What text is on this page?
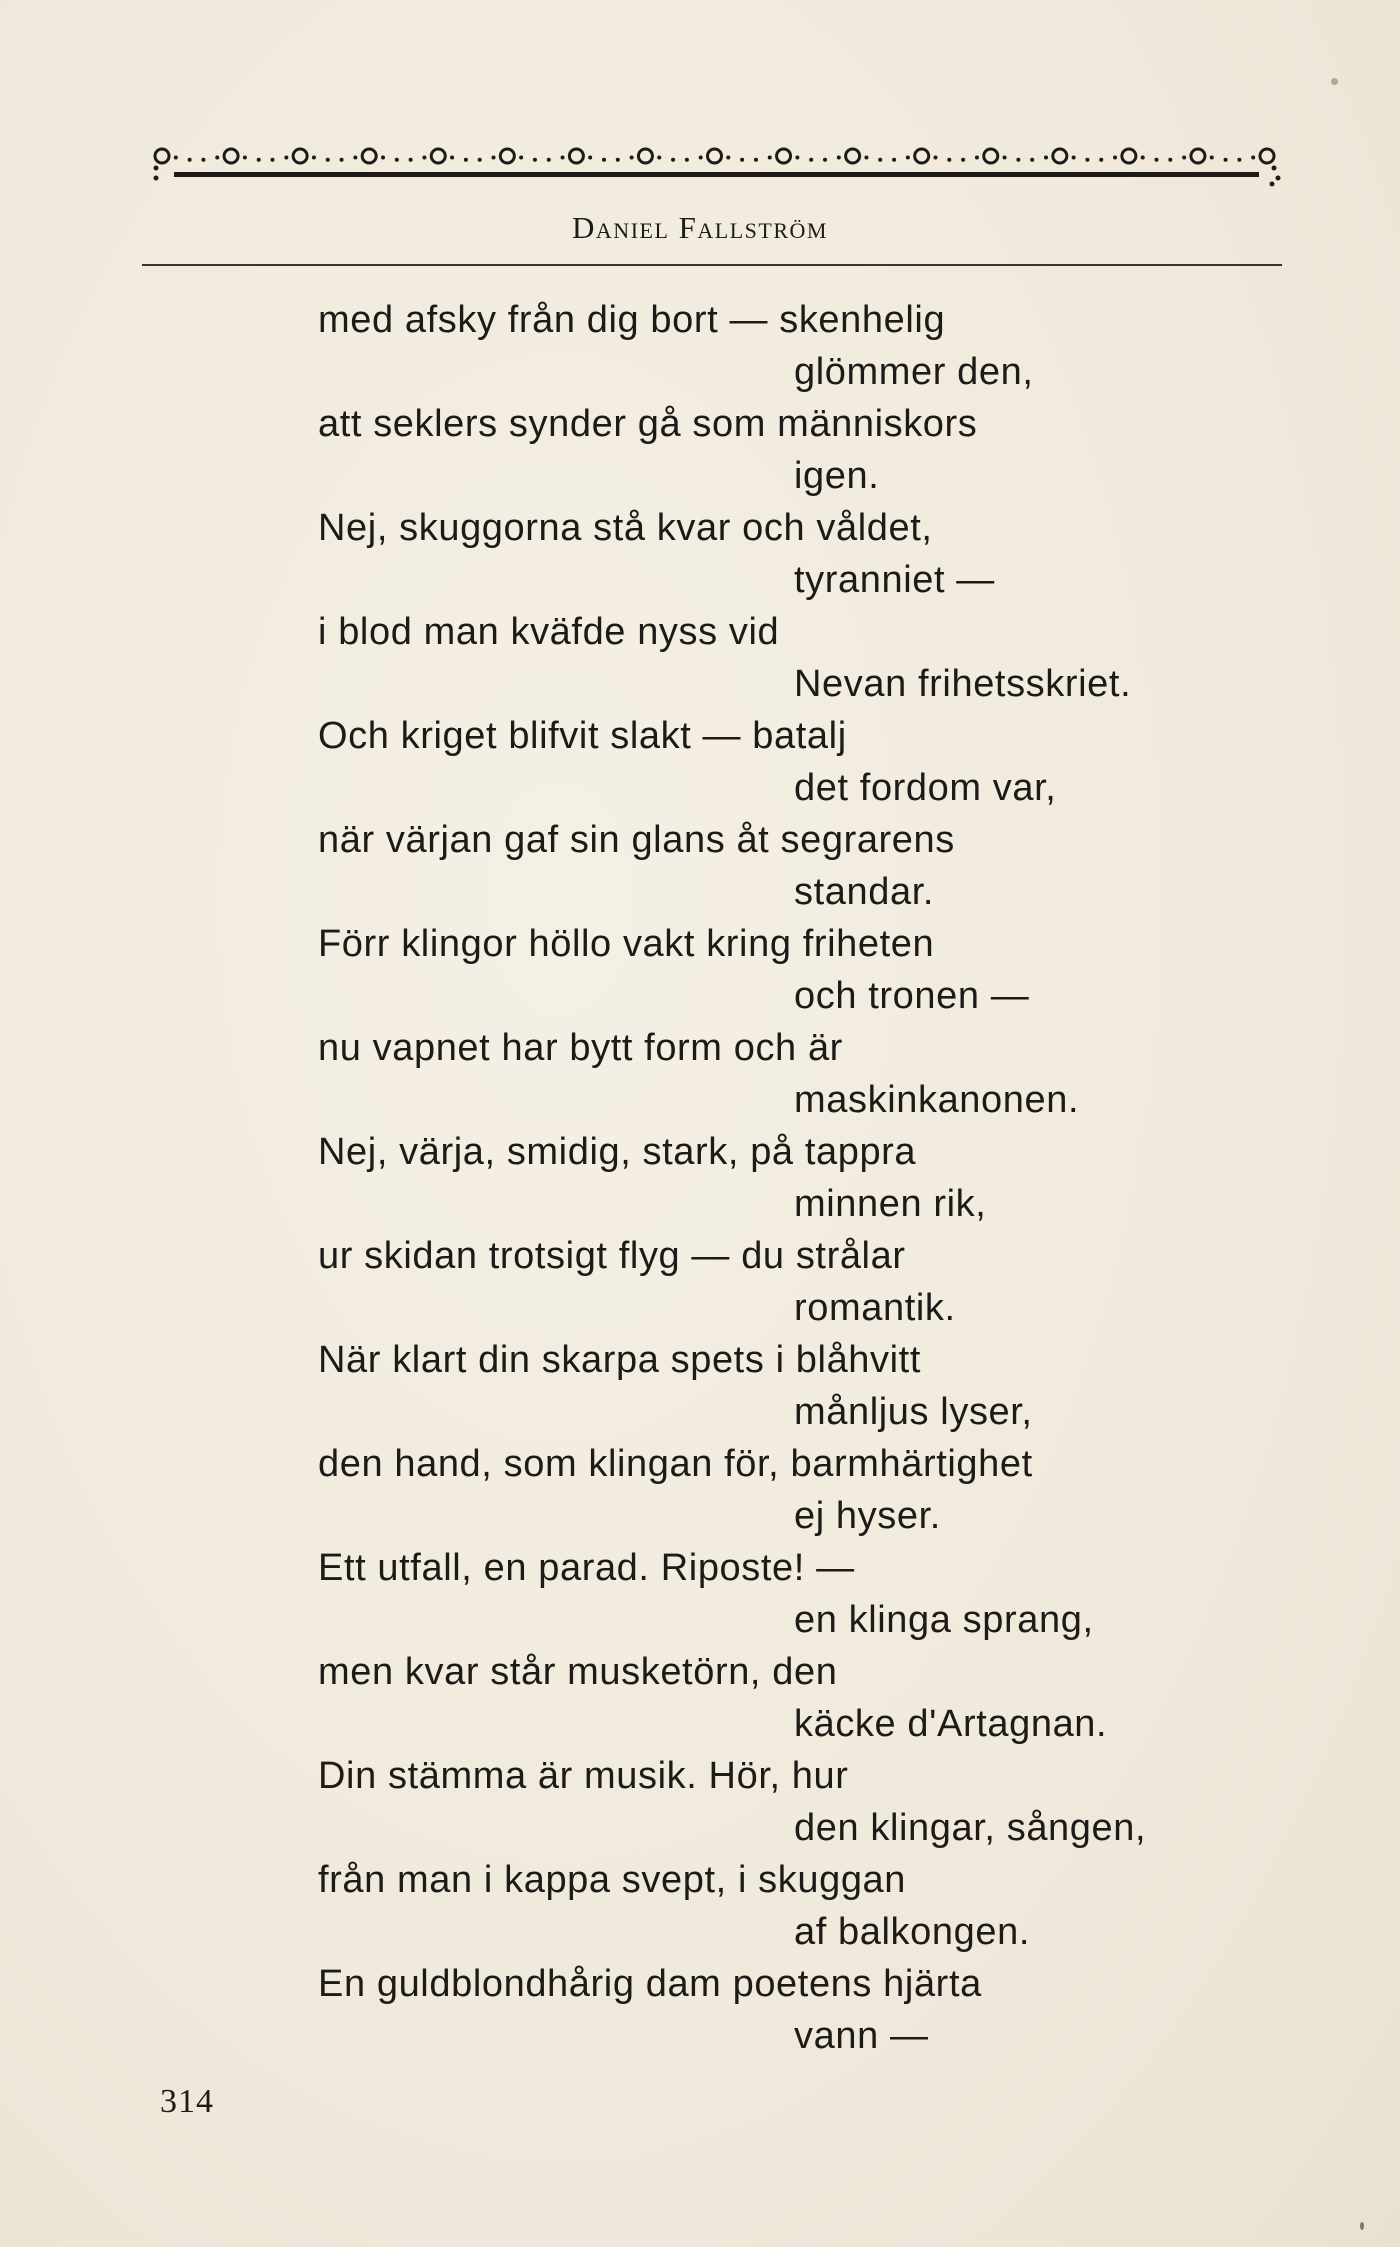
Daniel Fallström
med afsky från dig bort — skenhelig
glömmer den,
att seklers synder gå som människors
igen.
Nej, skuggorna stå kvar och våldet,
tyranniet —
i blod man kväfde nyss vid
Nevan frihetsskriet.
Och kriget blifvit slakt — batalj
det fordom var,
när värjan gaf sin glans åt segrarens
standar.
Förr klingor höllo vakt kring friheten
och tronen —
nu vapnet har bytt form och är
maskinkanonen.
Nej, värja, smidig, stark, på tappra
minnen rik,
ur skidan trotsigt flyg — du strålar
romantik.
När klart din skarpa spets i blåhvitt
månljus lyser,
den hand, som klingan för, barmhärtighet
ej hyser.
Ett utfall, en parad. Riposte! —
en klinga sprang,
men kvar står musketörn, den
käcke d'Artagnan.
Din stämma är musik. Hör, hur
den klingar, sången,
från man i kappa svept, i skuggan
af balkongen.
En guldblondhårig dam poetens hjärta
vann —
314
